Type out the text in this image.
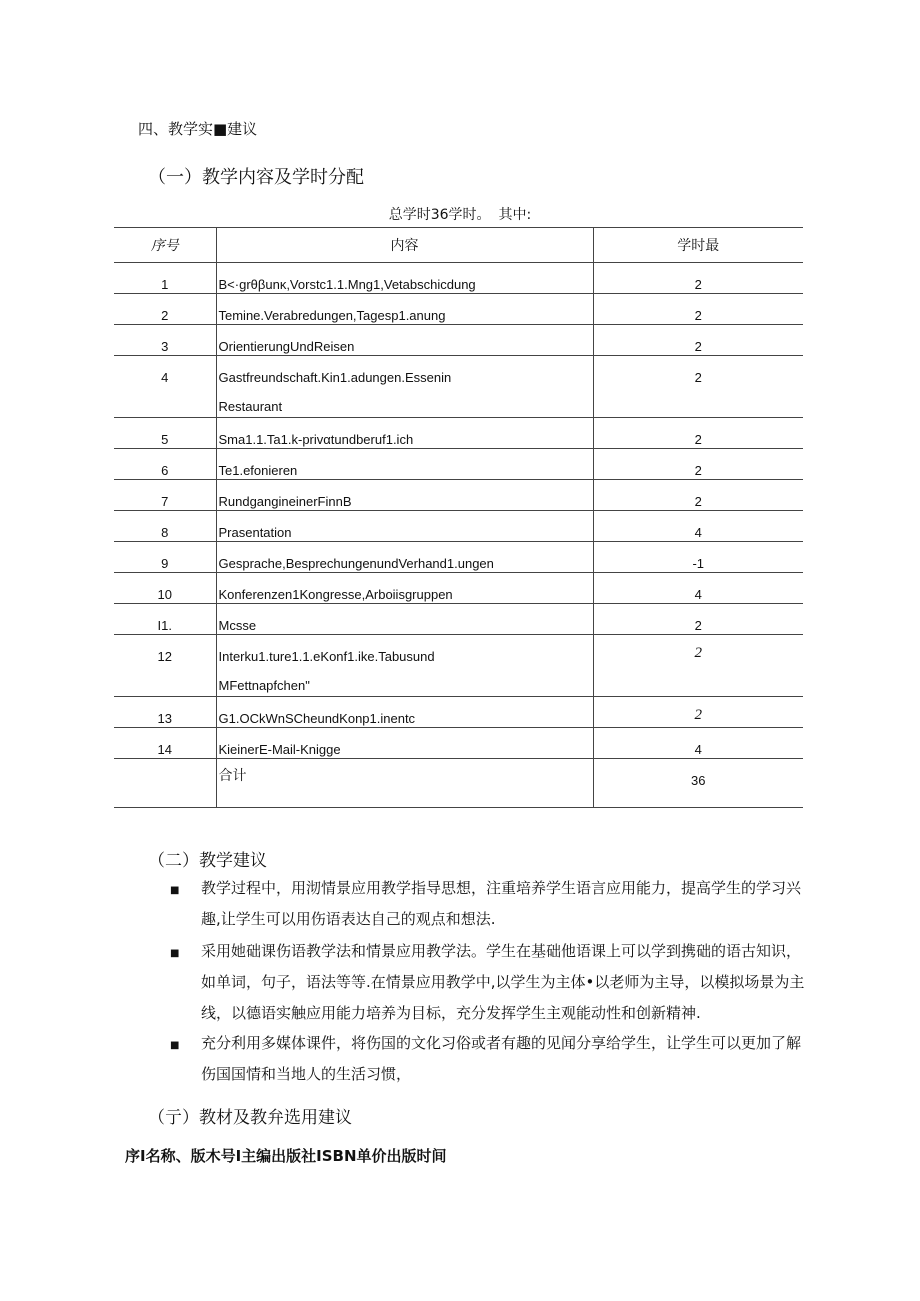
四、教学实■建议
（一）教学内容及学时分配
总学时36学时。 其中:
序号	内容	学时最
1	B<·grθβunκ,Vorstc1.1.Mng1,Vetabschicdung	2
2	Temine.Verabredungen,Tagesp1.anung	2
3	OrientierungUndReisen	2
4	Gastfreundschaft.Kin1.adungen.Essenin
Restaurant	2
5	Sma1.1.Ta1.k-privαtundberuf1.ich	2
6	Te1.efonieren	2
7	RundgangineinerFinnB	2
8	Prasentation	4
9	Gesprache,BesprechungenundVerhand1.ungen	-1
10	Konferenzen1Kongresse,Arboiisgruppen	4
I1.	Mcsse	2
12	Interku1.ture1.1.eKonf1.ike.Tabusund
MFettnapfchen"	2
13	G1.OCkWnSCheundKonp1.inentc	2
14	KieinerE-Mail-Knigge	4
	合计	36
（二）教学建议
■ 教学过程中，用沏情景应用教学指导思想，注重培养学生语言应用能力，提高学生的学习兴趣,让学生可以用伤语表达自己的观点和想法.
■ 采用她础课伤语教学法和情景应用教学法。学生在基础他语课上可以学到携础的语古知识，如单词，句子，语法等等.在情景应用教学中,以学生为主体•以老师为主导，以模拟场景为主线，以德语实触应用能力培养为目标，充分发挥学生主观能动性和创新精神.
■ 充分利用多媒体课件，将伤国的文化习俗或者有趣的见闻分享给学生，让学生可以更加了解伤国国情和当地人的生活习惯，
（亍）教材及教弁选用建议
序I名称、版木号I主编出版社ISBN单价出版时间
